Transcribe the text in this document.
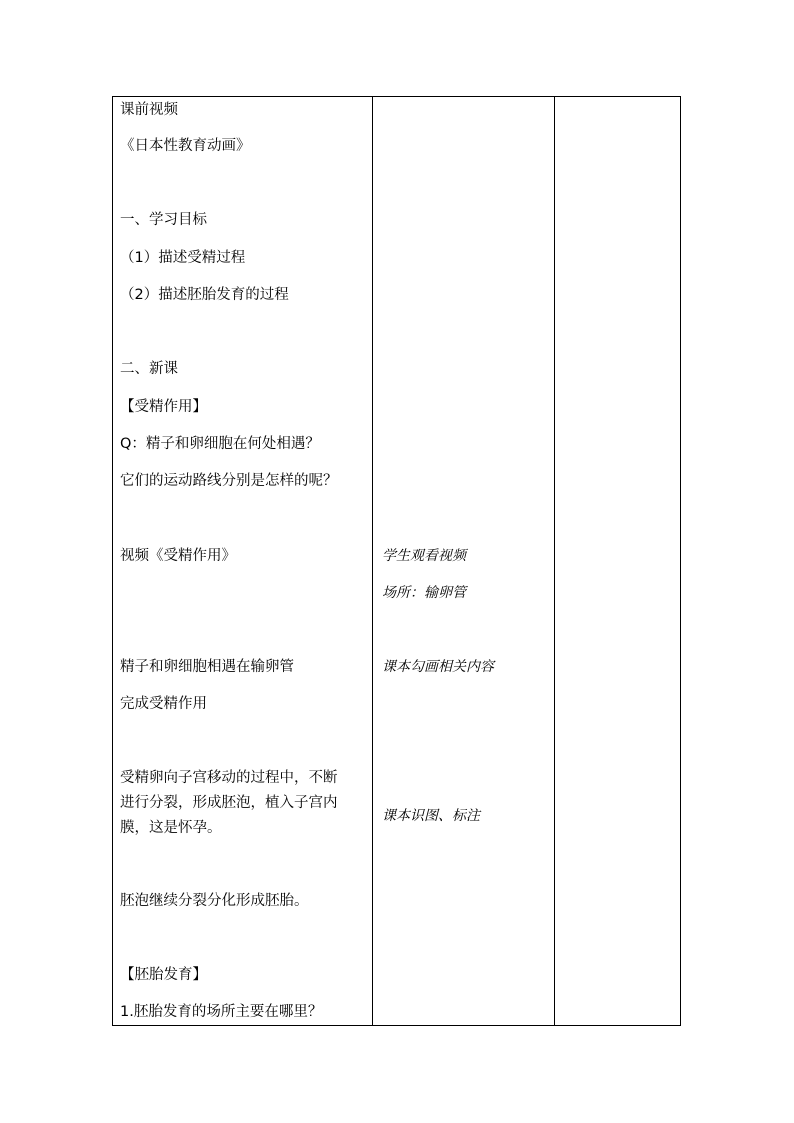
课前视频
《日本性教育动画》
一、学习目标
（1）描述受精过程
（2）描述胚胎发育的过程
二、新课
【受精作用】
Q：精子和卵细胞在何处相遇？
它们的运动路线分别是怎样的呢？
视频《受精作用》
精子和卵细胞相遇在输卵管
完成受精作用
受精卵向子宫移动的过程中，不断
进行分裂，形成胚泡，植入子宫内
膜，这是怀孕。
胚泡继续分裂分化形成胚胎。
【胚胎发育】
1.胚胎发育的场所主要在哪里？
学生观看视频
场所：输卵管
课本勾画相关内容
课本识图、标注
